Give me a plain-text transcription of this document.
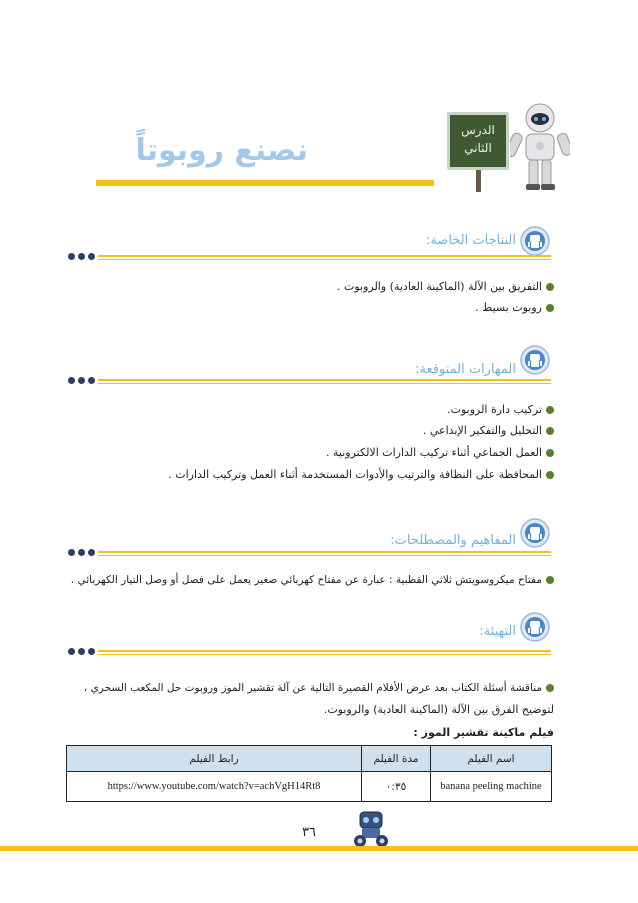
نصنع روبوتاً
الدرس
الثاني
النتاجات الخاصة:
التفريق بين الآلة (الماكينة العادية) والروبوت .
روبوت بسيط .
المهارات المتوقعة:
تركيب دارة الروبوت.
التحليل والتفكير الإبداعي .
العمل الجماعي أثناء تركيب الدارات الالكترونية .
المحافظة على النظافة والترتيب والأدوات المستخدمة أثناء العمل وتركيب الدارات .
المفاهيم والمصطلحات:
مفتاح ميكروسويتش ثلاثي القطبية : عبارة عن مفتاح كهربائي صغير يعمل على فصل أو وصل التيار الكهربائي .
التهيئة:
مناقشة أسئلة الكتاب بعد عرض الأفلام القصيرة التالية عن آلة تقشير الموز وروبوت حل المكعب السحري ،
لتوضيح الفرق بين الآلة (الماكينة العادية) والروبوت.
فيلم ماكينة تقشير الموز :
رابط الفيلم	مدة الفيلم	اسم الفيلم
https://www.youtube.com/watch?v=achVgH14Rt8	٠:٣٥	banana peeling machine
٣٦
